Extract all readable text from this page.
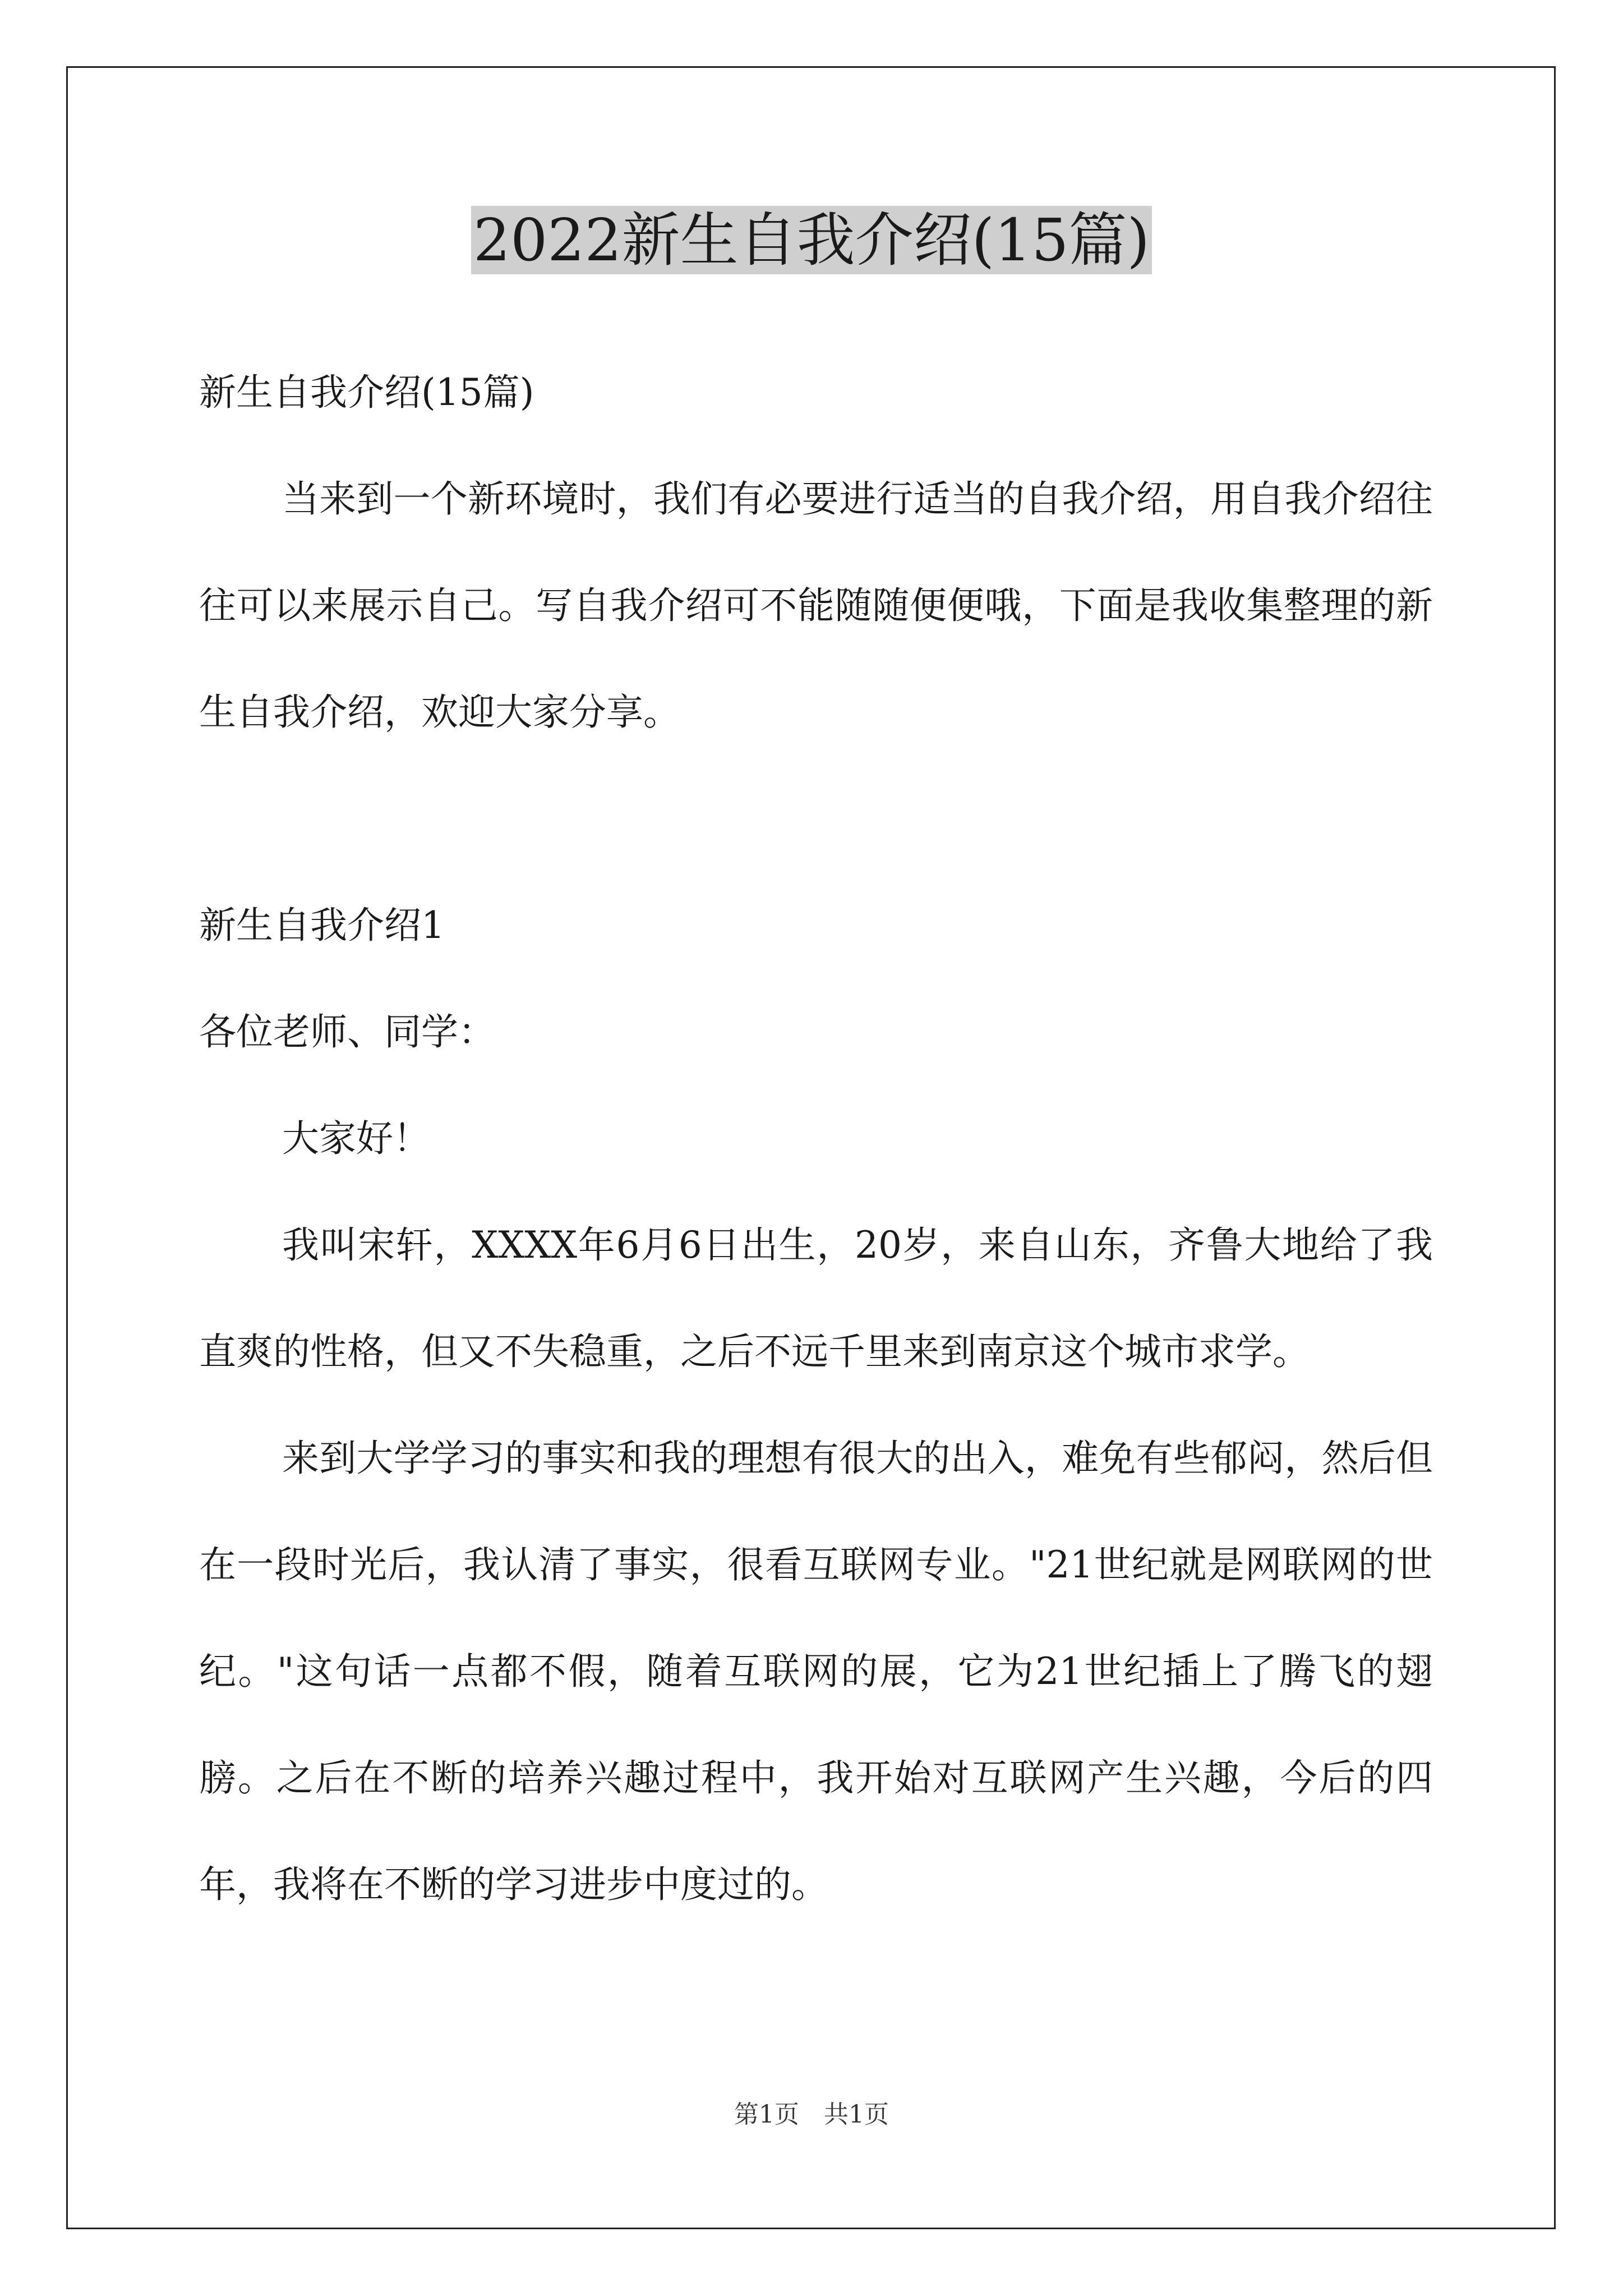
2022新生自我介绍(15篇)

新生自我介绍(15篇)

当来到一个新环境时，我们有必要进行适当的自我介绍，用自我介绍往往可以来展示自己。写自我介绍可不能随随便便哦，下面是我收集整理的新生自我介绍，欢迎大家分享。

新生自我介绍1

各位老师、同学：

大家好！

我叫宋轩，XXXX年6月6日出生，20岁，来自山东，齐鲁大地给了我直爽的性格，但又不失稳重，之后不远千里来到南京这个城市求学。

来到大学学习的事实和我的理想有很大的出入，难免有些郁闷，然后但在一段时光后，我认清了事实，很看互联网专业。"21世纪就是网联网的世纪。"这句话一点都不假，随着互联网的展，它为21世纪插上了腾飞的翅膀。之后在不断的培养兴趣过程中，我开始对互联网产生兴趣，今后的四年，我将在不断的学习进步中度过的。

第1页　共1页
